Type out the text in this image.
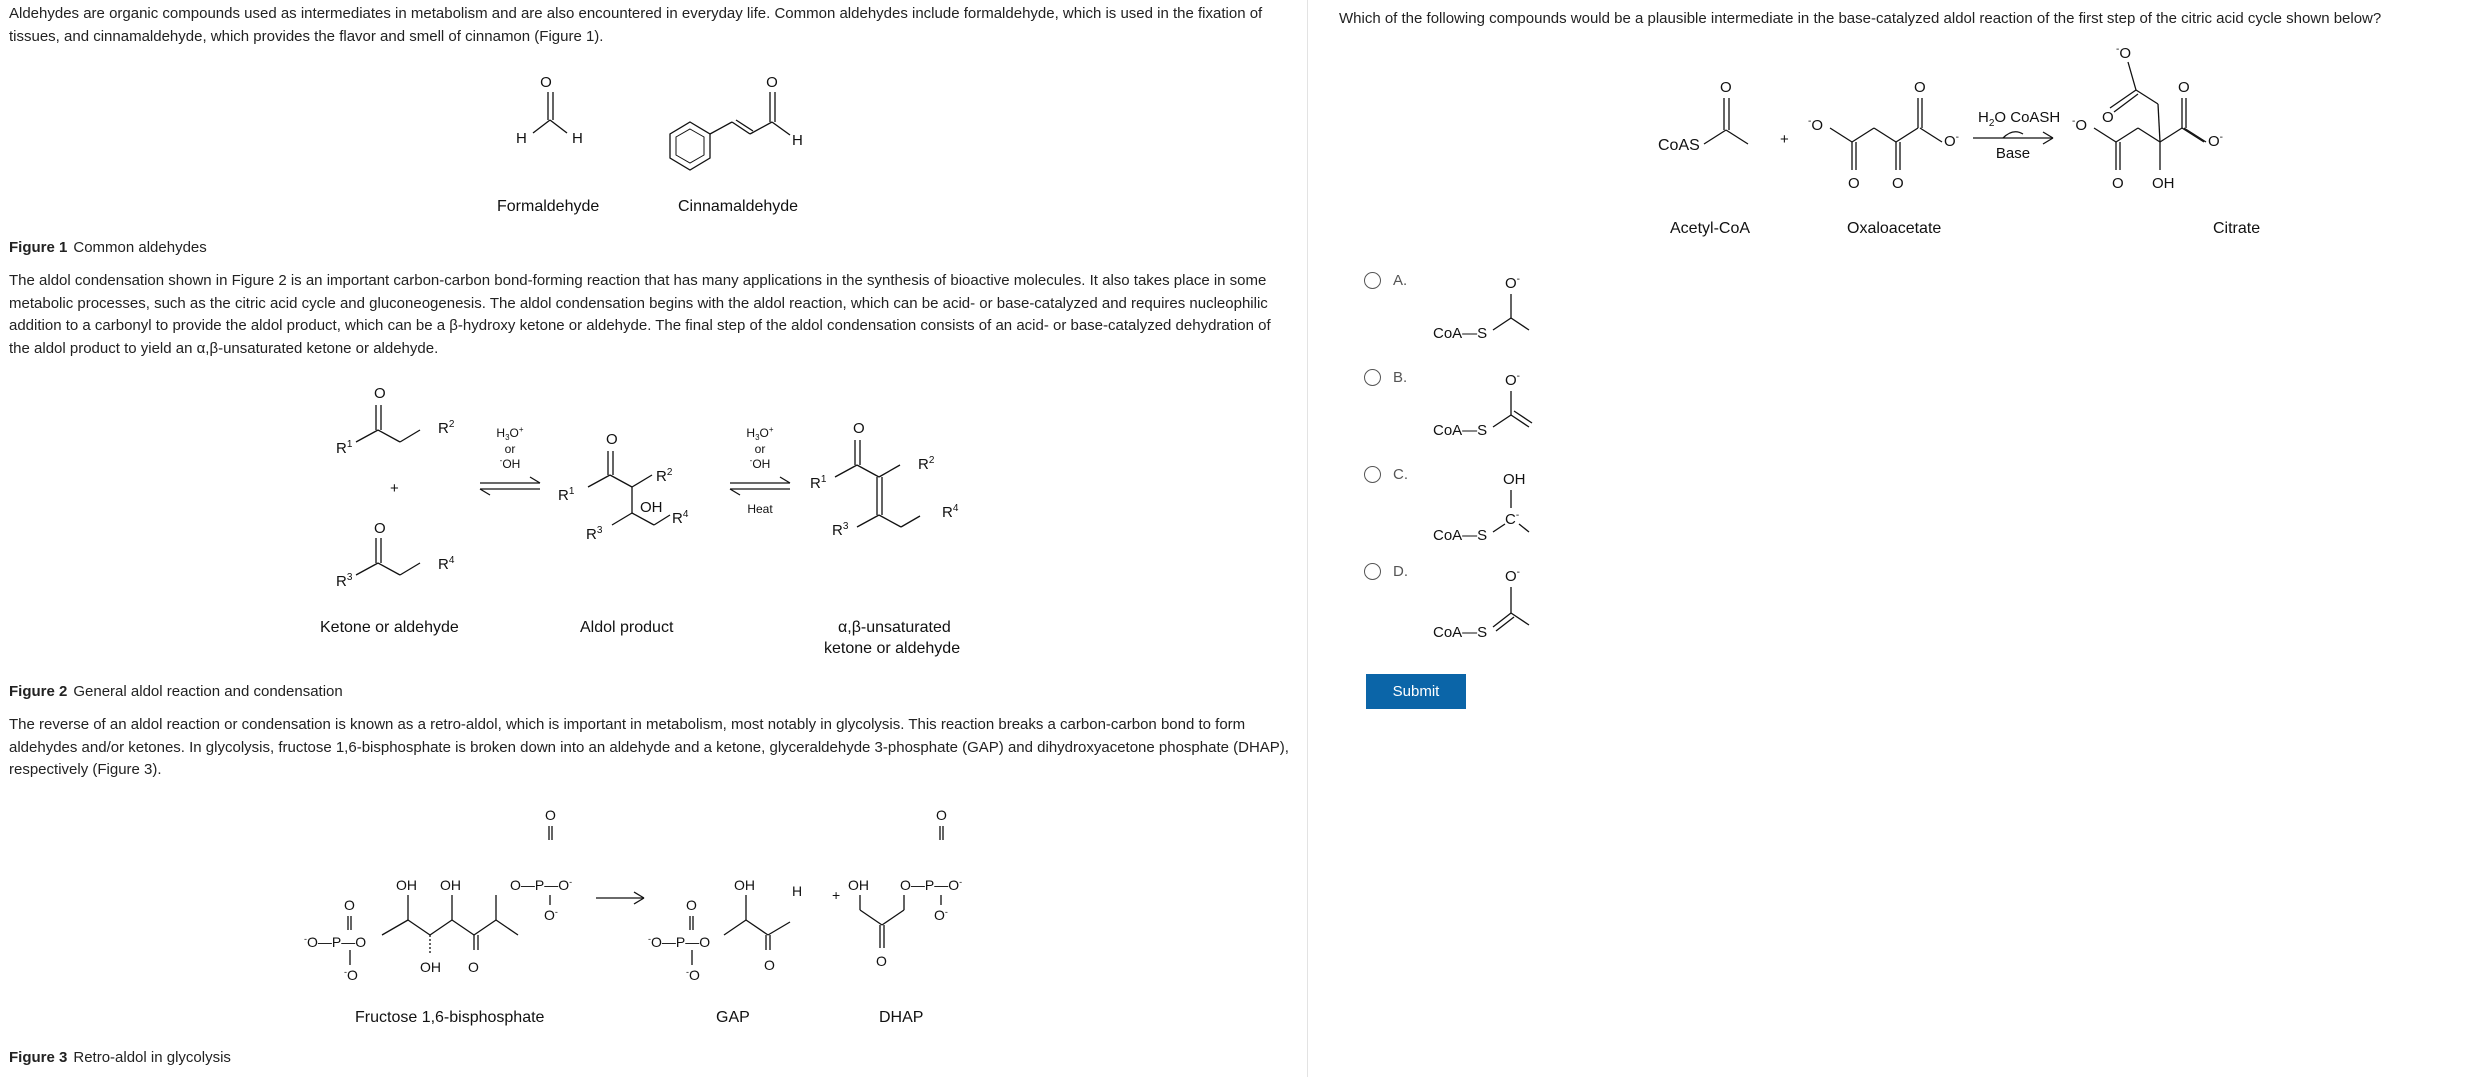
Aldehydes are organic compounds used as intermediates in metabolism and are also encountered in everyday life. Common aldehydes include formaldehyde, which is used in the fixation of tissues, and cinnamaldehyde, which provides the flavor and smell of cinnamon (Figure 1).

O
H	H
O
H
Formaldehyde	Cinnamaldehyde

Figure 1 Common aldehydes

The aldol condensation shown in Figure 2 is an important carbon-carbon bond-forming reaction that has many applications in the synthesis of bioactive molecules. It also takes place in some metabolic processes, such as the citric acid cycle and gluconeogenesis. The aldol condensation begins with the aldol reaction, which can be acid- or base-catalyzed and requires nucleophilic addition to a carbonyl to provide the aldol product, which can be a β-hydroxy ketone or aldehyde. The final step of the aldol condensation consists of an acid- or base-catalyzed dehydration of the aldol product to yield an α,β-unsaturated ketone or aldehyde.

O
$R^1$
$R^2$
+
O
$R^3$
$R^4$
$H_3O^+$
or
-OH
O
$R^1$
$R^2$
OH
$R^4$
$R^3$
$H_3O^+$
or
-OH
Heat
O
$R^1$
$R^2$
$R^3$
$R^4$
Ketone or aldehyde	Aldol product	α,β-unsaturated
ketone or aldehyde

Figure 2 General aldol reaction and condensation

The reverse of an aldol reaction or condensation is known as a retro-aldol, which is important in metabolism, most notably in glycolysis. This reaction breaks a carbon-carbon bond to form aldehydes and/or ketones. In glycolysis, fructose 1,6-bisphosphate is broken down into an aldehyde and a ketone, glyceraldehyde 3-phosphate (GAP) and dihydroxyacetone phosphate (DHAP), respectively (Figure 3).

-O—P—O
O
-O
OH OH
OH O
O—P—O-
O
O-
-O—P—O
O
-O
OH
O
H +
OH
O
O—P—O-
O
O-
Fructose 1,6-bisphosphate	GAP	DHAP

Figure 3 Retro-aldol in glycolysis

Which of the following compounds would be a plausible intermediate in the base-catalyzed aldol reaction of the first step of the citric acid cycle shown below?

CoAS
O
+
-O
O O
O
O-
$H_2O$ CoASH
Base
-O
-O
O
O OH
O
O-
Acetyl-CoA	Oxaloacetate	Citrate
A.
CoA—S
O-
B.
CoA—S
O-
C.
CoA—S
OH
C-
D.
CoA—S
O-
Submit
